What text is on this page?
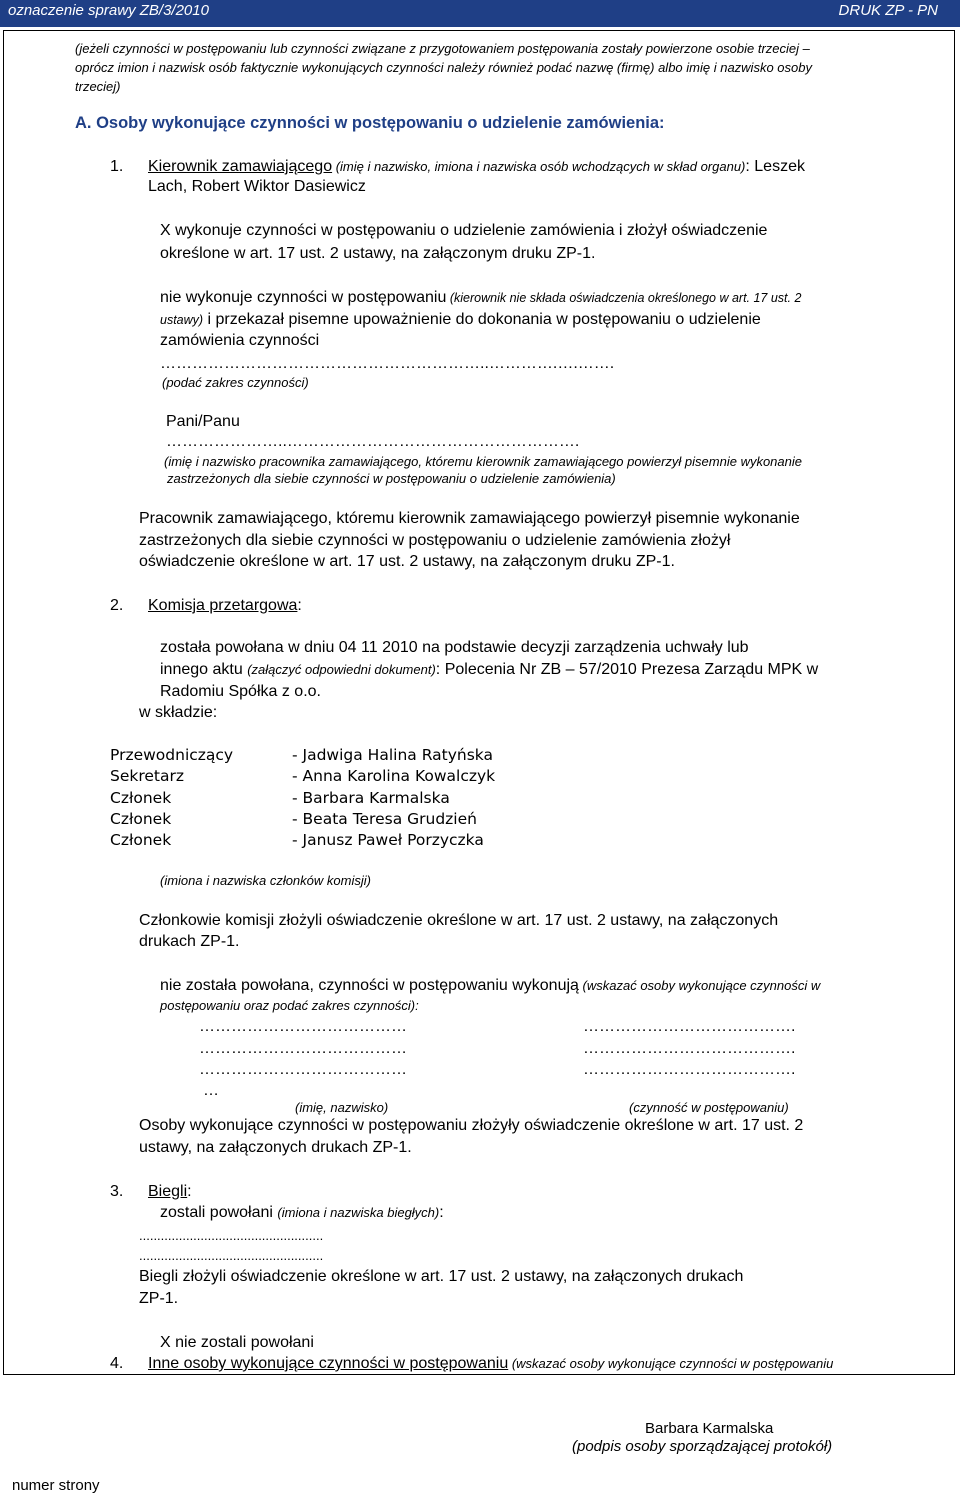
oznaczenie sprawy ZB/3/2010	DRUK ZP - PN
(jeżeli czynności w postępowaniu lub czynności związane z przygotowaniem postępowania zostały powierzone osobie trzeciej –
oprócz imion i nazwisk osób faktycznie wykonujących czynności należy również podać nazwę (firmę) albo imię i nazwisko osoby
trzeciej)
A. Osoby wykonujące czynności w postępowaniu o udzielenie zamówienia:
1. Kierownik zamawiającego (imię i nazwisko, imiona i nazwiska osób wchodzących w skład organu): Leszek
Lach, Robert Wiktor Dasiewicz
X wykonuje czynności w postępowaniu o udzielenie zamówienia i złożył oświadczenie
określone w art. 17 ust. 2 ustawy, na załączonym druku ZP-1.
nie wykonuje czynności w postępowaniu (kierownik nie składa oświadczenia określonego w art. 17 ust. 2
ustawy) i przekazał pisemne upoważnienie do dokonania w postępowaniu o udzielenie
zamówienia czynności
……………………………………………………..………….….…….
(podać zakres czynności)
Pani/Panu
…………………..……………………………………………….
(imię i nazwisko pracownika zamawiającego, któremu kierownik zamawiającego powierzył pisemnie wykonanie
zastrzeżonych dla siebie czynności w postępowaniu o udzielenie zamówienia)
Pracownik zamawiającego, któremu kierownik zamawiającego powierzył pisemnie wykonanie
zastrzeżonych dla siebie czynności w postępowaniu o udzielenie zamówienia złożył
oświadczenie określone w art. 17 ust. 2 ustawy, na załączonym druku ZP-1.
2. Komisja przetargowa:
została powołana w dniu 04 11 2010 na podstawie decyzji zarządzenia uchwały lub
innego aktu (załączyć odpowiedni dokument): Polecenia Nr ZB – 57/2010 Prezesa Zarządu MPK w
Radomiu Spółka z o.o.
w składzie:
Przewodniczący	- Jadwiga Halina Ratyńska
Sekretarz	- Anna Karolina Kowalczyk
Członek	- Barbara Karmalska
Członek	- Beata Teresa Grudzień
Członek	- Janusz Paweł Porzyczka
(imiona i nazwiska członków komisji)
Członkowie komisji złożyli oświadczenie określone w art. 17 ust. 2 ustawy, na załączonych
drukach ZP-1.
nie została powołana, czynności w postępowaniu wykonują (wskazać osoby wykonujące czynności w
postępowaniu oraz podać zakres czynności):
…………………………………	………………………………….
…………………………………	………………………………….
…………………………………	………………………………….
…
(imię, nazwisko)	(czynność w postępowaniu)
Osoby wykonujące czynności w postępowaniu złożyły oświadczenie określone w art. 17 ust. 2
ustawy, na załączonych drukach ZP-1.
3. Biegli:
zostali powołani (imiona i nazwiska biegłych):
...................................................
...................................................
Biegli złożyli oświadczenie określone w art. 17 ust. 2 ustawy, na załączonych drukach
ZP-1.
X nie zostali powołani
4. Inne osoby wykonujące czynności w postępowaniu (wskazać osoby wykonujące czynności w postępowaniu
Barbara Karmalska
(podpis osoby sporządzającej protokół)
numer strony
